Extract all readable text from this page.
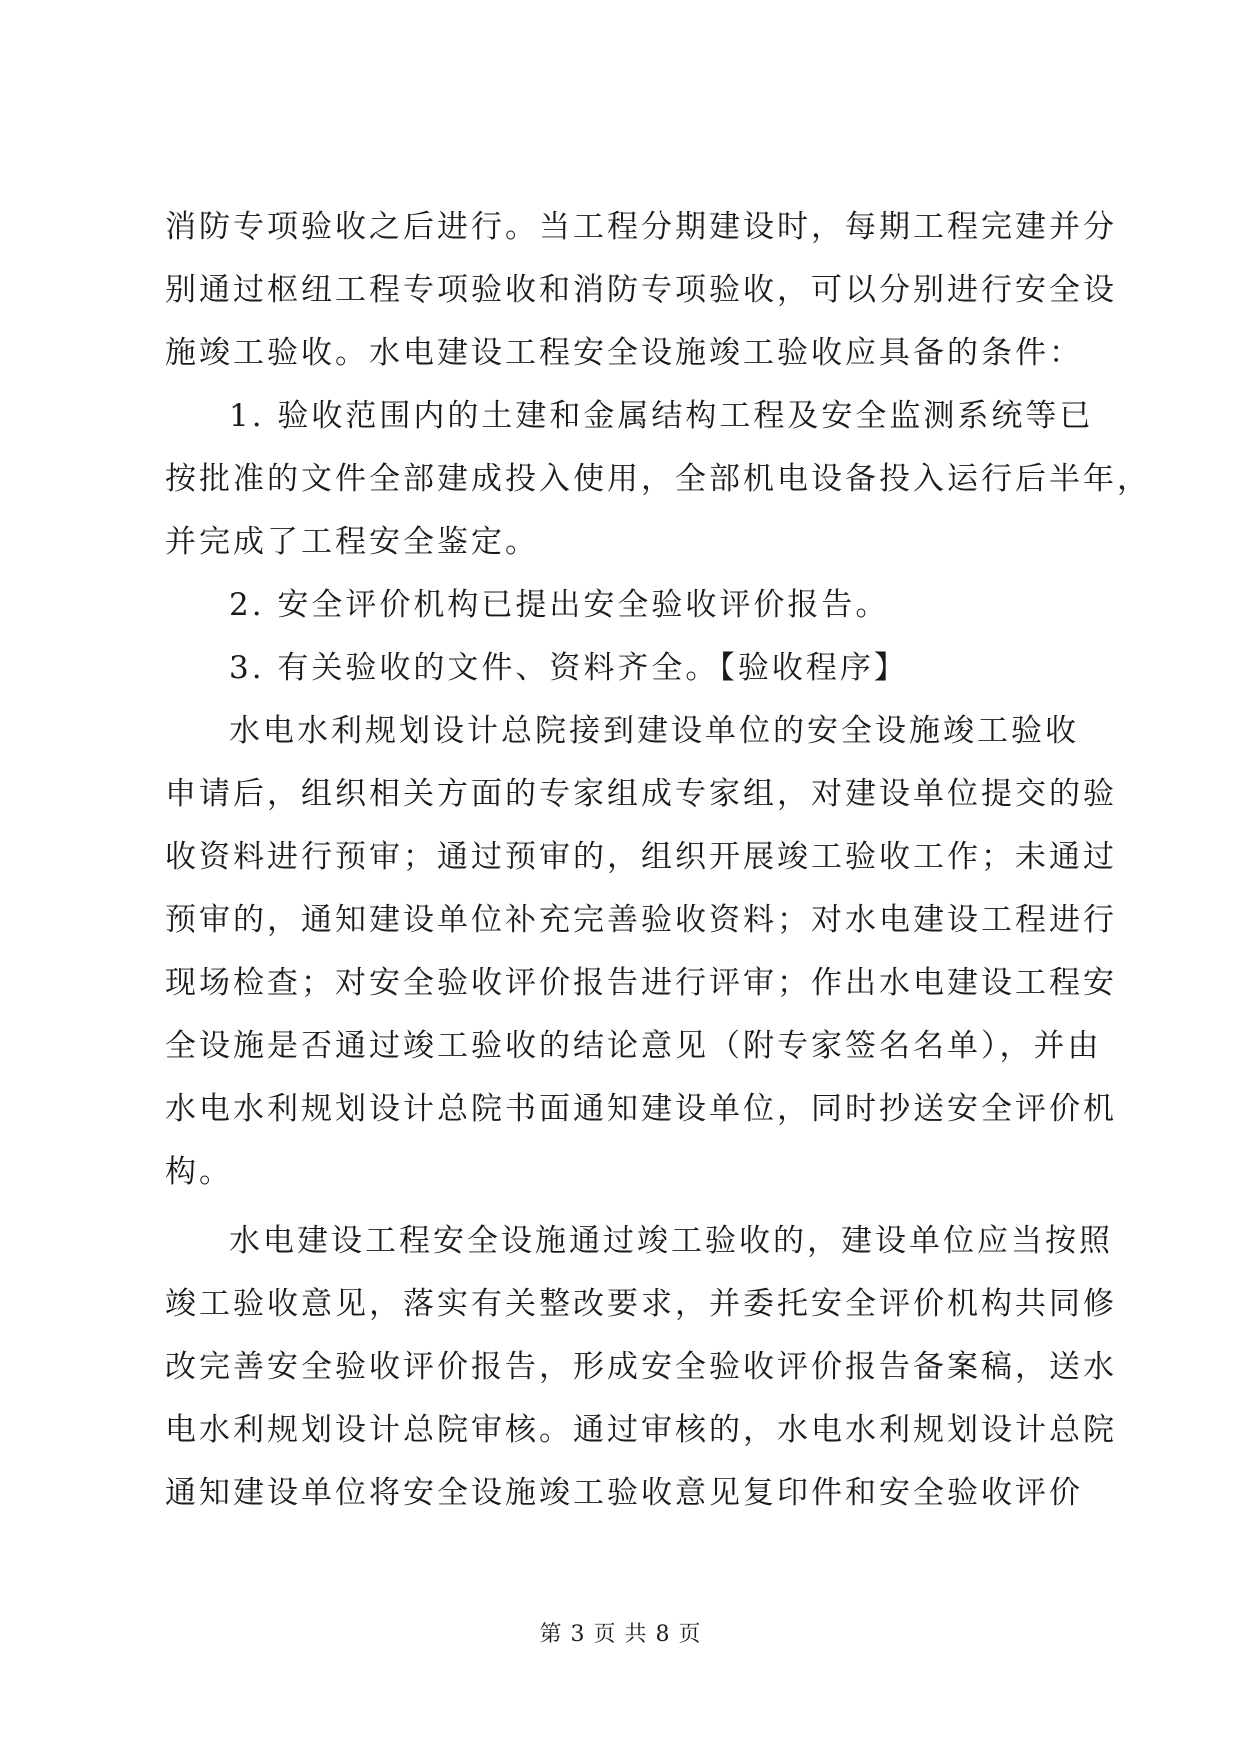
消防专项验收之后进行。当工程分期建设时，每期工程完建并分
别通过枢纽工程专项验收和消防专项验收，可以分别进行安全设
施竣工验收。水电建设工程安全设施竣工验收应具备的条件：
1. 验收范围内的土建和金属结构工程及安全监测系统等已
按批准的文件全部建成投入使用，全部机电设备投入运行后半年，
并完成了工程安全鉴定。
2. 安全评价机构已提出安全验收评价报告。
3. 有关验收的文件、资料齐全。【验收程序】
水电水利规划设计总院接到建设单位的安全设施竣工验收
申请后，组织相关方面的专家组成专家组，对建设单位提交的验
收资料进行预审；通过预审的，组织开展竣工验收工作；未通过
预审的，通知建设单位补充完善验收资料；对水电建设工程进行
现场检查；对安全验收评价报告进行评审；作出水电建设工程安
全设施是否通过竣工验收的结论意见（附专家签名名单），并由
水电水利规划设计总院书面通知建设单位，同时抄送安全评价机
构。
水电建设工程安全设施通过竣工验收的，建设单位应当按照
竣工验收意见，落实有关整改要求，并委托安全评价机构共同修
改完善安全验收评价报告，形成安全验收评价报告备案稿，送水
电水利规划设计总院审核。通过审核的，水电水利规划设计总院
通知建设单位将安全设施竣工验收意见复印件和安全验收评价
第 3 页 共 8 页
